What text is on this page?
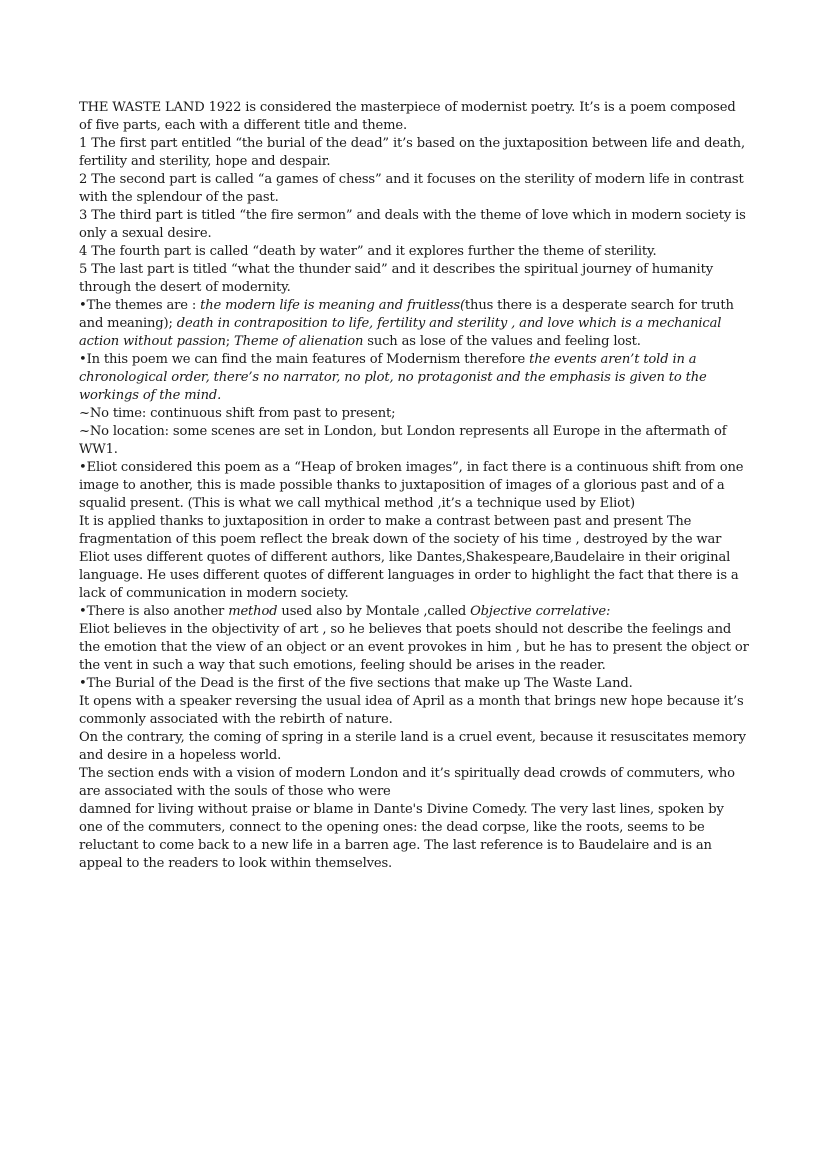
THE WASTE LAND 1922 is considered the masterpiece of modernist poetry. It’s is a poem composed of five parts, each with a different title and theme.

1 The first part entitled “the burial of the dead” it’s based on the juxtaposition between life and death, fertility and sterility, hope and despair.

2 The second part is called “a games of chess” and it focuses on the sterility of modern life in contrast with the splendour of the past.

3 The third part is titled “the fire sermon” and deals with the theme of love which in modern society is only a sexual desire.

4 The fourth part is called “death by water” and it explores further the theme of sterility.

5 The last part is titled “what the thunder said” and it describes the spiritual journey of humanity through the desert of modernity.

•The themes are : the modern life is meaning and fruitless(thus there is a desperate search for truth and meaning); death in contraposition to life, fertility and sterility , and love which is a mechanical action without passion; Theme of alienation such as lose of the values and feeling lost.

•In this poem we can find the main features of Modernism therefore the events aren’t told in a chronological order, there’s no narrator, no plot, no protagonist and the emphasis is given to the workings of the mind.

~No time: continuous shift from past to present;

~No location: some scenes are set in London, but London represents all Europe in the aftermath of WW1.

•Eliot considered this poem as a “Heap of broken images”, in fact there is a continuous shift from one image to another, this is made possible thanks to juxtaposition of images of a glorious past and of a squalid present. (This is what we call mythical method ,it’s a technique used by Eliot)

It is applied thanks to juxtaposition in order to make a contrast between past and present The fragmentation of this poem reflect the break down of the society of his time , destroyed by the war Eliot uses different quotes of different authors, like Dantes,Shakespeare,Baudelaire in their original language. He uses different quotes of different languages in order to highlight the fact that there is a lack of communication in modern society.

•There is also another method used also by Montale ,called Objective correlative:

Eliot believes in the objectivity of art , so he believes that poets should not describe the feelings and the emotion that the view of an object or an event provokes in him , but he has to present the object or the vent in such a way that such emotions, feeling should be arises in the reader.

•The Burial of the Dead is the first of the five sections that make up The Waste Land.

It opens with a speaker reversing the usual idea of April as a month that brings new hope because it’s commonly associated with the rebirth of nature.

On the contrary, the coming of spring in a sterile land is a cruel event, because it resuscitates memory and desire in a hopeless world.

The section ends with a vision of modern London and it’s spiritually dead crowds of commuters, who are associated with the souls of those who were

damned for living without praise or blame in Dante's Divine Comedy. The very last lines, spoken by one of the commuters, connect to the opening ones: the dead corpse, like the roots, seems to be reluctant to come back to a new life in a barren age. The last reference is to Baudelaire and is an appeal to the readers to look within themselves.
